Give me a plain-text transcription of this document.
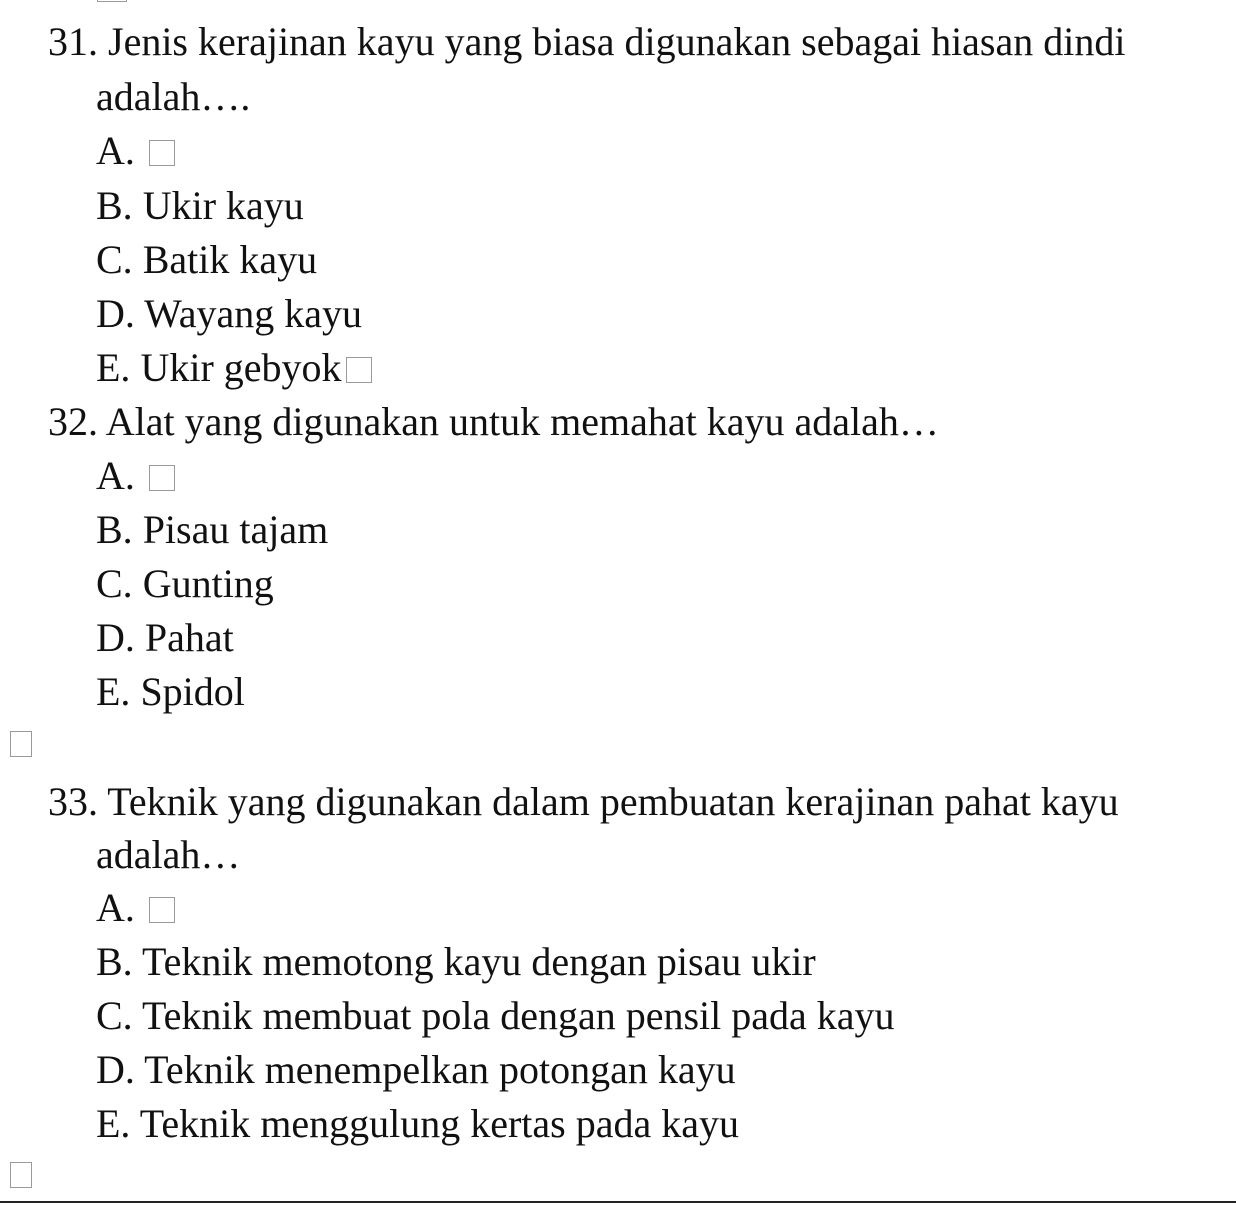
31. Jenis kerajinan kayu yang biasa digunakan sebagai hiasan dindi
adalah….
A.
B. Ukir kayu
C. Batik kayu
D. Wayang kayu
E. Ukir gebyok
32. Alat yang digunakan untuk memahat kayu adalah…
A.
B. Pisau tajam
C. Gunting
D. Pahat
E. Spidol
33. Teknik yang digunakan dalam pembuatan kerajinan pahat kayu
adalah…
A.
B. Teknik memotong kayu dengan pisau ukir
C. Teknik membuat pola dengan pensil pada kayu
D. Teknik menempelkan potongan kayu
E. Teknik menggulung kertas pada kayu
